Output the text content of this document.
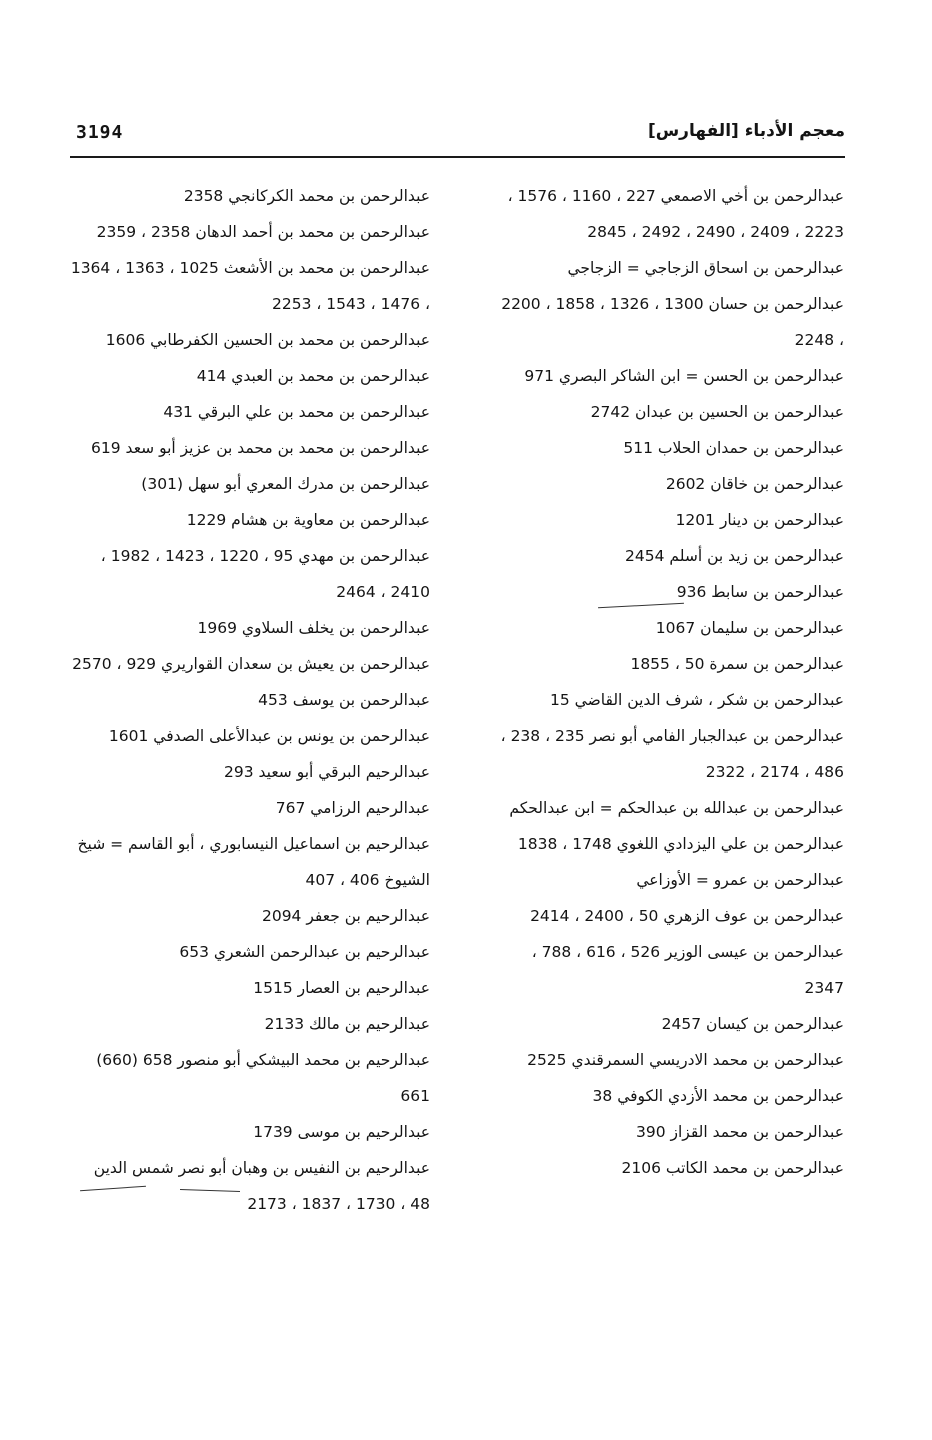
3194	معجم الأدباء [الفهارس]
عبدالرحمن بن أخي الاصمعي 227 ، 1160 ، 1576 ، 2223 ، 2409 ، 2490 ، 2492 ، 2845
عبدالرحمن بن اسحاق الزجاجي = الزجاجي
عبدالرحمن بن حسان 1300 ، 1326 ، 1858 ، 2200 ، 2248
عبدالرحمن بن الحسن = ابن الشاكر البصري 971
عبدالرحمن بن الحسين بن عبدان 2742
عبدالرحمن بن حمدان الحلاب 511
عبدالرحمن بن خاقان 2602
عبدالرحمن بن دينار 1201
عبدالرحمن بن زيد بن أسلم 2454
عبدالرحمن بن سابط 936
عبدالرحمن بن سليمان 1067
عبدالرحمن بن سمرة 50 ، 1855
عبدالرحمن بن شكر ، شرف الدين القاضي 15
عبدالرحمن بن عبدالجبار الفامي أبو نصر 235 ، 238 ، 486 ، 2174 ، 2322
عبدالرحمن بن عبدالله بن عبدالحكم = ابن عبدالحكم
عبدالرحمن بن علي اليزدادي اللغوي 1748 ، 1838
عبدالرحمن بن عمرو = الأوزاعي
عبدالرحمن بن عوف الزهري 50 ، 2400 ، 2414
عبدالرحمن بن عيسى الوزير 526 ، 616 ، 788 ، 2347
عبدالرحمن بن كيسان 2457
عبدالرحمن بن محمد الادريسي السمرقندي 2525
عبدالرحمن بن محمد الأزدي الكوفي 38
عبدالرحمن بن محمد القزاز 390
عبدالرحمن بن محمد الكاتب 2106
عبدالرحمن بن محمد الكركانجي 2358
عبدالرحمن بن محمد بن أحمد الدهان 2358 ، 2359
عبدالرحمن بن محمد بن الأشعث 1025 ، 1363 ، 1364 ، 1476 ، 1543 ، 2253
عبدالرحمن بن محمد بن الحسين الكفرطابي 1606
عبدالرحمن بن محمد بن العبدي 414
عبدالرحمن بن محمد بن علي البرقي 431
عبدالرحمن بن محمد بن محمد بن عزيز أبو سعد 619
عبدالرحمن بن مدرك المعري أبو سهل (301)
عبدالرحمن بن معاوية بن هشام 1229
عبدالرحمن بن مهدي 95 ، 1220 ، 1423 ، 1982 ، 2410 ، 2464
عبدالرحمن بن يخلف السلاوي 1969
عبدالرحمن بن يعيش بن سعدان القواريري 929 ، 2570
عبدالرحمن بن يوسف 453
عبدالرحمن بن يونس بن عبدالأعلى الصدفي 1601
عبدالرحيم البرقي أبو سعيد 293
عبدالرحيم الرزامي 767
عبدالرحيم بن اسماعيل النيسابوري ، أبو القاسم = شيخ الشيوخ 406 ، 407
عبدالرحيم بن جعفر 2094
عبدالرحيم بن عبدالرحمن الشعري 653
عبدالرحيم بن العصار 1515
عبدالرحيم بن مالك 2133
عبدالرحيم بن محمد البيشكي أبو منصور 658 (660) 661
عبدالرحيم بن موسى 1739
عبدالرحيم بن النفيس بن وهبان أبو نصر شمس الدين 48 ، 1730 ، 1837 ، 2173
